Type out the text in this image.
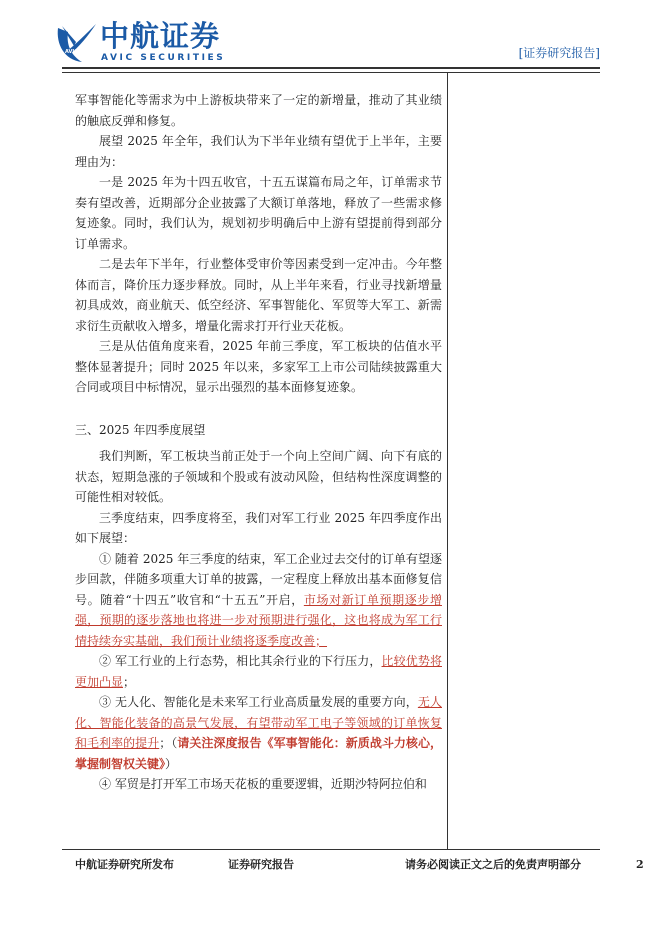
AVIC 中航证券
AVIC SECURITIES	[证券研究报告]

军事智能化等需求为中上游板块带来了一定的新增量，推动了其业绩的触底反弹和修复。

展望 2025 年全年，我们认为下半年业绩有望优于上半年，主要理由为：

一是 2025 年为十四五收官，十五五谋篇布局之年，订单需求节奏有望改善，近期部分企业披露了大额订单落地，释放了一些需求修复迹象。同时，我们认为，规划初步明确后中上游有望提前得到部分订单需求。

二是去年下半年，行业整体受审价等因素受到一定冲击。今年整体而言，降价压力逐步释放。同时，从上半年来看，行业寻找新增量初具成效，商业航天、低空经济、军事智能化、军贸等大军工、新需求衍生贡献收入增多，增量化需求打开行业天花板。

三是从估值角度来看，2025 年前三季度，军工板块的估值水平整体显著提升；同时 2025 年以来，多家军工上市公司陆续披露重大合同或项目中标情况，显示出强烈的基本面修复迹象。

三、2025 年四季度展望

我们判断，军工板块当前正处于一个向上空间广阔、向下有底的状态，短期急涨的子领域和个股或有波动风险，但结构性深度调整的可能性相对较低。

三季度结束，四季度将至，我们对军工行业 2025 年四季度作出如下展望：

① 随着 2025 年三季度的结束，军工企业过去交付的订单有望逐步回款，伴随多项重大订单的披露，一定程度上释放出基本面修复信号。随着“十四五”收官和“十五五”开启，市场对新订单预期逐步增强，预期的逐步落地也将进一步对预期进行强化，这也将成为军工行情持续夯实基础，我们预计业绩将逐季度改善；

② 军工行业的上行态势，相比其余行业的下行压力，比较优势将更加凸显；

③ 无人化、智能化是未来军工行业高质量发展的重要方向，无人化、智能化装备的高景气发展，有望带动军工电子等领域的订单恢复和毛利率的提升；（请关注深度报告《军事智能化：新质战斗力核心，掌握制智权关键》）

④ 军贸是打开军工市场天花板的重要逻辑，近期沙特阿拉伯和

中航证券研究所发布	证券研究报告	请务必阅读正文之后的免责声明部分	2
